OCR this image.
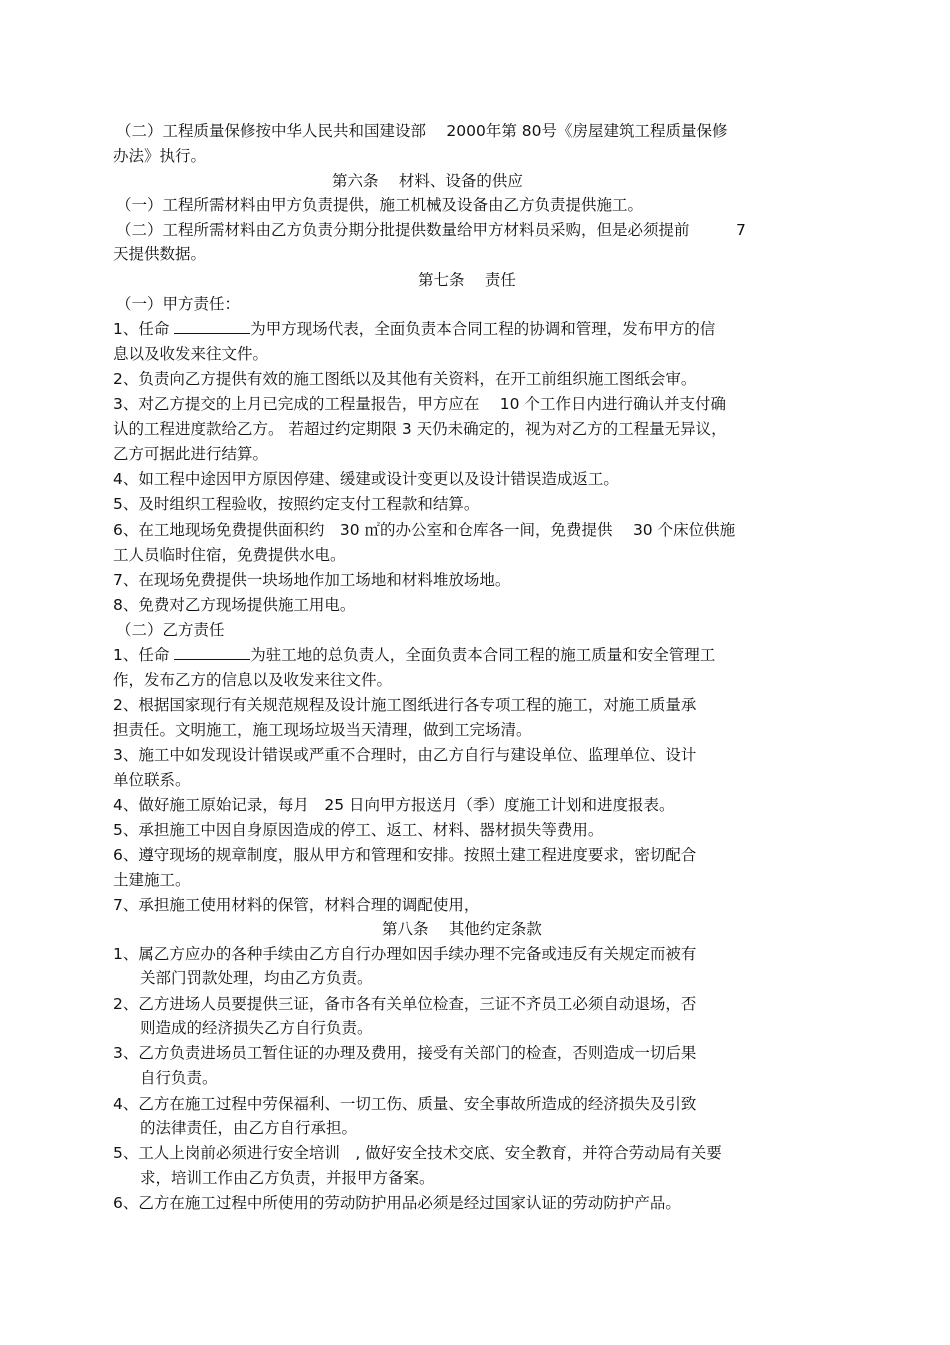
（二）工程质量保修按中华人民共和国建设部　 2000年第 80号《房屋建筑工程质量保修
办法》执行。
第六条　 材料、设备的供应
（一）工程所需材料由甲方负责提供，施工机械及设备由乙方负责提供施工。
（二）工程所需材料由乙方负责分期分批提供数量给甲方材料员采购，但是必须提前　　　7
天提供数据。
第七条　 责任
（一）甲方责任：
1、任命	为甲方现场代表，全面负责本合同工程的协调和管理，发布甲方的信
息以及收发来往文件。
2、负责向乙方提供有效的施工图纸以及其他有关资料，在开工前组织施工图纸会审。
3、对乙方提交的上月已完成的工程量报告，甲方应在　 10 个工作日内进行确认并支付确
认的工程进度款给乙方。 若超过约定期限 3 天仍未确定的，视为对乙方的工程量无异议，
乙方可据此进行结算。
4、如工程中途因甲方原因停建、缓建或设计变更以及设计错误造成返工。
5、及时组织工程验收，按照约定支付工程款和结算。
6、在工地现场免费提供面积约　30 ㎡的办公室和仓库各一间，免费提供　 30 个床位供施
工人员临时住宿，免费提供水电。
7、在现场免费提供一块场地作加工场地和材料堆放场地。
8、免费对乙方现场提供施工用电。
（二）乙方责任
1、任命	为驻工地的总负责人，全面负责本合同工程的施工质量和安全管理工
作，发布乙方的信息以及收发来往文件。
2、根据国家现行有关规范规程及设计施工图纸进行各专项工程的施工，对施工质量承
担责任。文明施工，施工现场垃圾当天清理，做到工完场清。
3、施工中如发现设计错误或严重不合理时，由乙方自行与建设单位、监理单位、设计
单位联系。
4、做好施工原始记录，每月　25 日向甲方报送月（季）度施工计划和进度报表。
5、承担施工中因自身原因造成的停工、返工、材料、器材损失等费用。
6、遵守现场的规章制度，服从甲方和管理和安排。按照土建工程进度要求，密切配合
土建施工。
7、承担施工使用材料的保管，材料合理的调配使用，
第八条　 其他约定条款
1、属乙方应办的各种手续由乙方自行办理如因手续办理不完备或违反有关规定而被有
关部门罚款处理，均由乙方负责。
2、乙方进场人员要提供三证，备市各有关单位检查，三证不齐员工必须自动退场，否
则造成的经济损失乙方自行负责。
3、乙方负责进场员工暂住证的办理及费用，接受有关部门的检查，否则造成一切后果
自行负责。
4、乙方在施工过程中劳保福利、一切工伤、质量、安全事故所造成的经济损失及引致
的法律责任，由乙方自行承担。
5、工人上岗前必须进行安全培训　, 做好安全技术交底、安全教育，并符合劳动局有关要
求，培训工作由乙方负责，并报甲方备案。
6、乙方在施工过程中所使用的劳动防护用品必须是经过国家认证的劳动防护产品。
